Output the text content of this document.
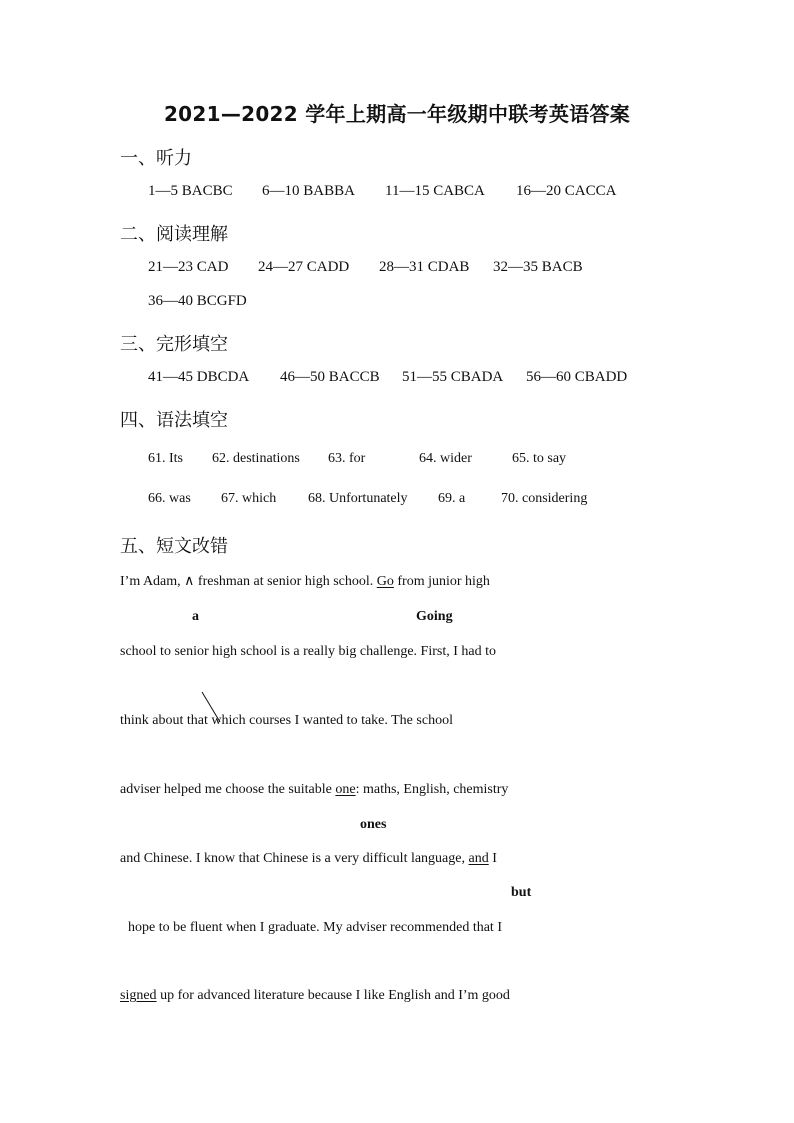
2021—2022 学年上期高一年级期中联考英语答案
一、听力
1—5 BACBC 6—10 BABBA 11—15 CABCA 16—20 CACCA
二、阅读理解
21—23 CAD 24—27 CADD 28—31 CDAB 32—35 BACB
36—40 BCGFD
三、完形填空
41—45 DBCDA 46—50 BACCB 51—55 CBADA 56—60 CBADD
四、语法填空
61. Its 62. destinations 63. for	64. wider	65. to say
66. was 67. which 68. Unfortunately 69. a	70. considering
五、短文改错
I’m Adam, ∧ freshman at senior high school. Go from junior high
a	Going
school to senior high school is a really big challenge. First, I had to
think about that which courses I wanted to take. The school
adviser helped me choose the suitable one: maths, English, chemistry
ones
and Chinese. I know that Chinese is a very difficult language, and I
but
hope to be fluent when I graduate. My adviser recommended that I
signed up for advanced literature because I like English and I’m good
